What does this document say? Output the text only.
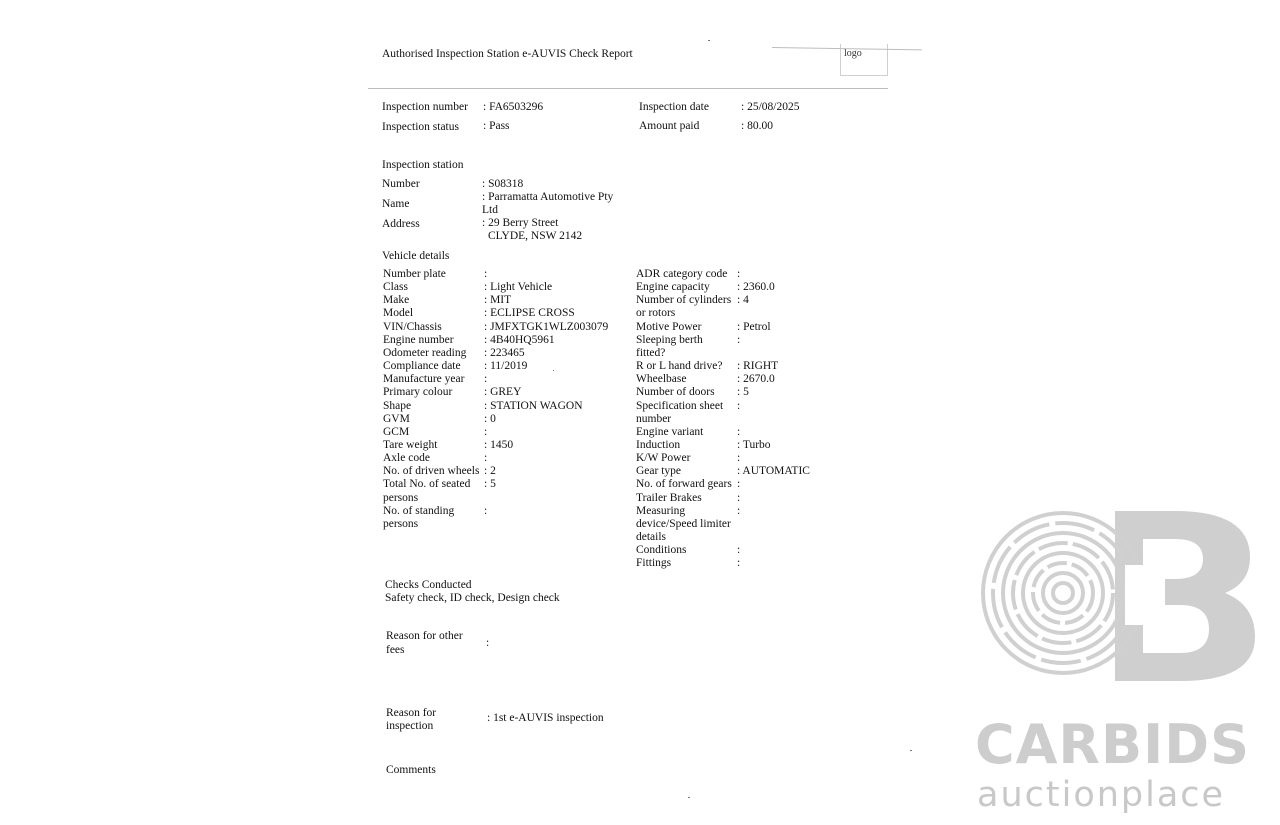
Authorised Inspection Station e-AUVIS Check Report	logo
Inspection number : FA6503296	Inspection date	: 25/08/2025
Inspection status : Pass	Amount paid	: 80.00
Inspection station
Number	: S08318
Name
: Parramatta Automotive Pty
Ltd
Address	: 29 Berry Street
CLYDE, NSW 2142
Vehicle details
Number plate	:
Class	: Light Vehicle
Make	: MIT
Model	: ECLIPSE CROSS
VIN/Chassis	: JMFXTGK1WLZ003079
Engine number	: 4B40HQ5961
Odometer reading : 223465
Compliance date : 11/2019
Manufacture year :
Primary colour	: GREY
Shape	: STATION WAGON
GVM	: 0
GCM	:
Tare weight	: 1450
Axle code	:
No. of driven wheels : 2
Total No. of seated
persons
: 5
No. of standing
persons
:
ADR category code :
Engine capacity : 2360.0
Number of cylinders
or rotors
: 4
Motive Power	: Petrol
Sleeping berth
fitted?
:
R or L hand drive? : RIGHT
Wheelbase	: 2670.0
Number of doors : 5
Specification sheet
number
:
Engine variant	:
Induction	: Turbo
K/W Power	:
Gear type	: AUTOMATIC
No. of forward gears :
Trailer Brakes	:
Measuring
device/Speed limiter
details
:
Conditions	:
Fittings	:
Checks Conducted
Safety check, ID check, Design check
Reason for other
fees
:
Reason for
inspection
: 1st e-AUVIS inspection
Comments	CARBIDS
auctionplace
